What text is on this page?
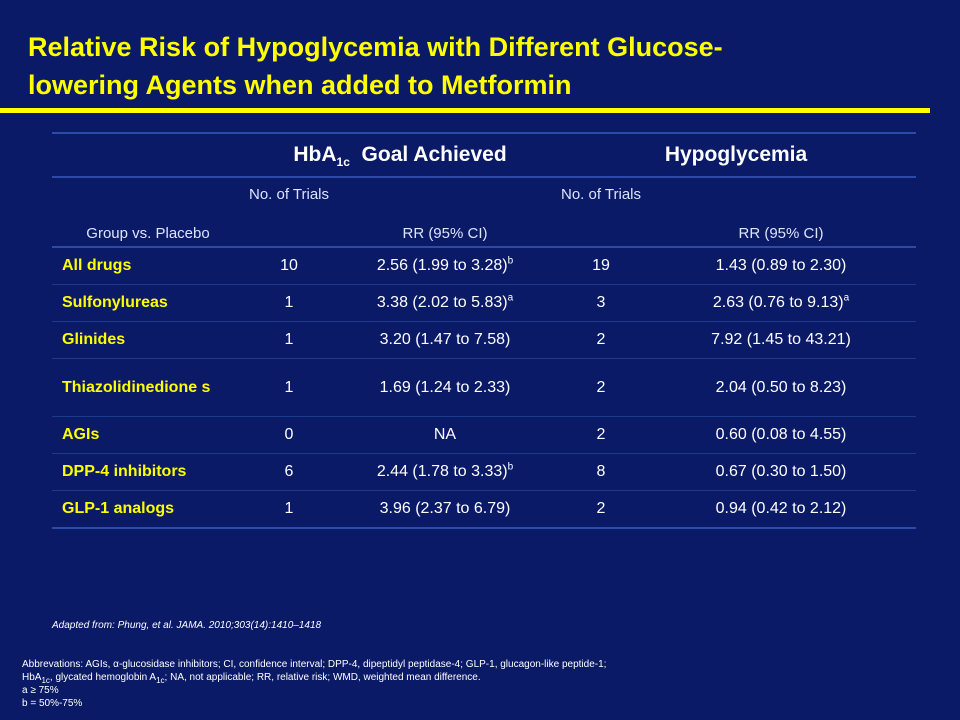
Relative Risk of Hypoglycemia with Different Glucose-
lowering Agents when added to Metformin
	HbA$_{1c}$ Goal Achieved		Hypoglycemia	
Group vs. Placebo	No. of Trials	RR (95% CI)	No. of Trials	RR (95% CI)
All drugs	10	2.56 (1.99 to 3.28)$^b$	19	1.43 (0.89 to 2.30)
Sulfonylureas	1	3.38 (2.02 to 5.83)$^a$	3	2.63 (0.76 to 9.13)$^a$
Glinides	1	3.20 (1.47 to 7.58)	2	7.92 (1.45 to 43.21)
Thiazolidinedione s	1	1.69 (1.24 to 2.33)	2	2.04 (0.50 to 8.23)
AGIs	0	NA	2	0.60 (0.08 to 4.55)
DPP-4 inhibitors	6	2.44 (1.78 to 3.33)$^b$	8	0.67 (0.30 to 1.50)
GLP-1 analogs	1	3.96 (2.37 to 6.79)	2	0.94 (0.42 to 2.12)
Adapted from: Phung, et al. JAMA. 2010;303(14):1410–1418
Abbrevations: AGIs, α-glucosidase inhibitors; CI, confidence interval; DPP-4, dipeptidyl peptidase-4; GLP-1, glucagon-like peptide-1;
HbA$_{1c}$, glycated hemoglobin $A_{1c}$; NA, not applicable; RR, relative risk; WMD, weighted mean difference.
a ≥ 75%
b = 50%-75%
